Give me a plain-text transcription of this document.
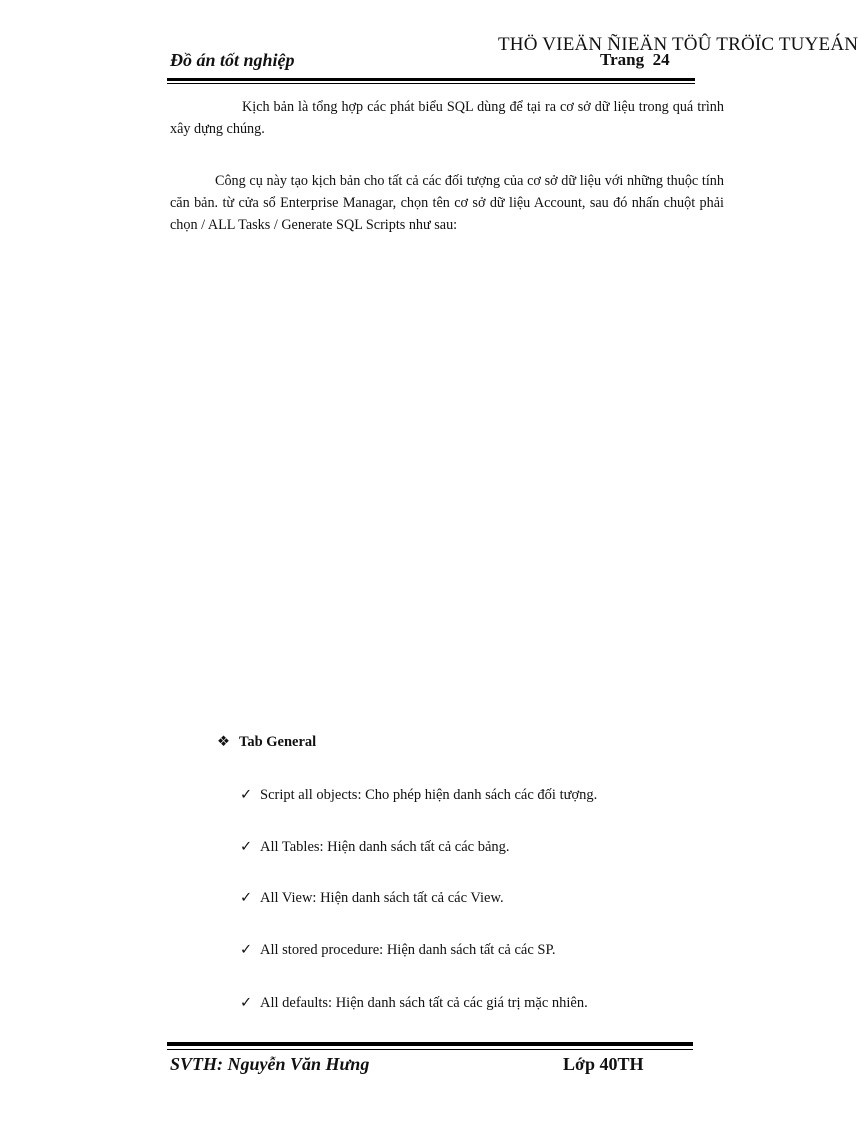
Đồ án tốt nghiệp
THÖ VIEÄN ÑIEÄN TÖÛ TRÖÏC TUYEÁN
Trang 24

Kịch bản là tổng hợp các phát biểu SQL dùng để tại ra cơ sở dữ liệu trong quá trình xây dựng chúng.

Công cụ này tạo kịch bản cho tất cả các đối tượng của cơ sở dữ liệu với những thuộc tính căn bản. từ cửa sổ Enterprise Managar, chọn tên cơ sở dữ liệu Account, sau đó nhấn chuột phải chọn / ALL Tasks / Generate SQL Scripts như sau:

❖ Tab General
✓ Script all objects: Cho phép hiện danh sách các đối tượng.
✓ All Tables: Hiện danh sách tất cả các bảng.
✓ All View: Hiện danh sách tất cả các View.
✓ All stored procedure: Hiện danh sách tất cả các SP.
✓ All defaults: Hiện danh sách tất cả các giá trị mặc nhiên.
SVTH: Nguyễn Văn Hưng	Lớp 40TH
